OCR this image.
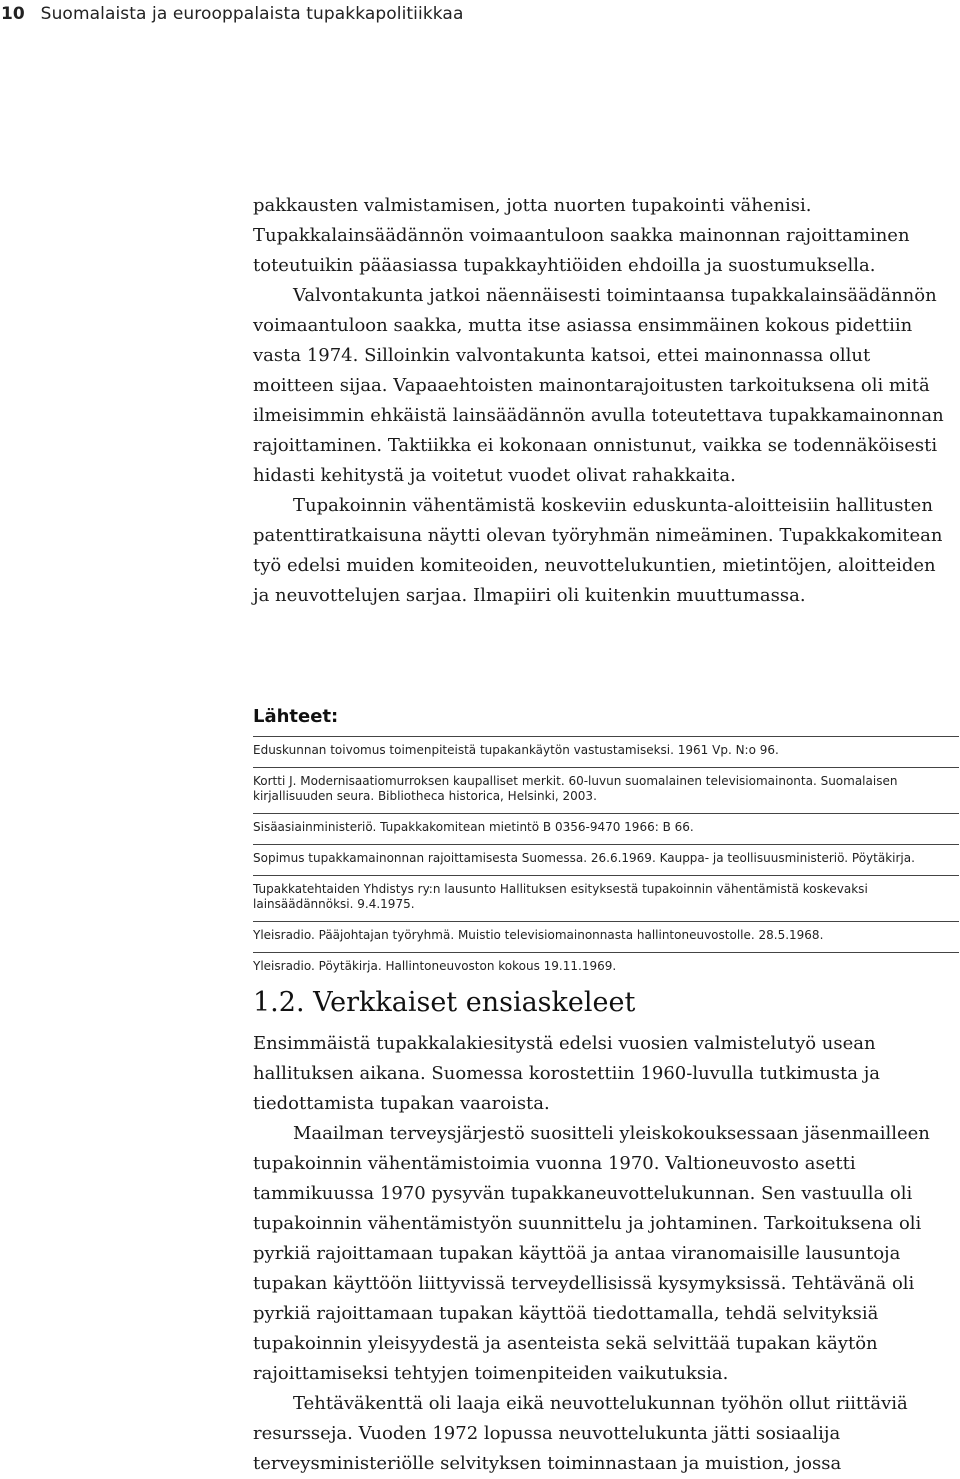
10 Suomalaista ja eurooppalaista tupakkapolitiikkaa

pakkausten valmistamisen, jotta nuorten tupakointi vähenisi. Tupakkalainsäädännön voimaantuloon saakka mainonnan rajoittaminen toteutuikin pääasiassa tupakkayhtiöiden ehdoilla ja suostumuksella.

Valvontakunta jatkoi näennäisesti toimintaansa tupakkalainsäädännön voimaantuloon saakka, mutta itse asiassa ensimmäinen kokous pidettiin vasta 1974. Silloinkin valvontakunta katsoi, ettei mainonnassa ollut moitteen sijaa. Vapaaehtoisten mainontarajoitusten tarkoituksena oli mitä ilmeisimmin ehkäistä lainsäädännön avulla toteutettava tupakkamainonnan rajoittaminen. Taktiikka ei kokonaan onnistunut, vaikka se todennäköisesti hidasti kehitystä ja voitetut vuodet olivat rahakkaita.

Tupakoinnin vähentämistä koskeviin eduskunta-aloitteisiin hallitusten patenttiratkaisuna näytti olevan työryhmän nimeäminen. Tupakkakomitean työ edelsi muiden komiteoiden, neuvottelukuntien, mietintöjen, aloitteiden ja neuvottelujen sarjaa. Ilmapiiri oli kuitenkin muuttumassa.

Lähteet:
Eduskunnan toivomus toimenpiteistä tupakankäytön vastustamiseksi. 1961 Vp. N:o 96.
Kortti J. Modernisaatiomurroksen kaupalliset merkit. 60-luvun suomalainen televisiomainonta. Suomalaisen kirjallisuuden seura. Bibliotheca historica, Helsinki, 2003.
Sisäasiainministeriö. Tupakkakomitean mietintö B 0356-9470 1966: B 66.
Sopimus tupakkamainonnan rajoittamisesta Suomessa. 26.6.1969. Kauppa- ja teollisuusministeriö. Pöytäkirja.
Tupakkatehtaiden Yhdistys ry:n lausunto Hallituksen esityksestä tupakoinnin vähentämistä koskevaksi lainsäädännöksi. 9.4.1975.
Yleisradio. Pääjohtajan työryhmä. Muistio televisiomainonnasta hallintoneuvostolle. 28.5.1968.
Yleisradio. Pöytäkirja. Hallintoneuvoston kokous 19.11.1969.
1.2. Verkkaiset ensiaskeleet

Ensimmäistä tupakkalakiesitystä edelsi vuosien valmistelutyö usean hallituksen aikana. Suomessa korostettiin 1960-luvulla tutkimusta ja tiedottamista tupakan vaaroista.

Maailman terveysjärjestö suositteli yleiskokouksessaan jäsenmailleen tupakoinnin vähentämistoimia vuonna 1970. Valtioneuvosto asetti tammikuussa 1970 pysyvän tupakkaneuvottelukunnan. Sen vastuulla oli tupakoinnin vähentämistyön suunnittelu ja johtaminen. Tarkoituksena oli pyrkiä rajoittamaan tupakan käyttöä ja antaa viranomaisille lausuntoja tupakan käyttöön liittyvissä terveydellisissä kysymyksissä. Tehtävänä oli pyrkiä rajoittamaan tupakan käyttöä tiedottamalla, tehdä selvityksiä tupakoinnin yleisyydestä ja asenteista sekä selvittää tupakan käytön rajoittamiseksi tehtyjen toimenpiteiden vaikutuksia.

Tehtäväkenttä oli laaja eikä neuvottelukunnan työhön ollut riittäviä resursseja. Vuoden 1972 lopussa neuvottelukunta jätti sosiaalija terveysministeriölle selvityksen toiminnastaan ja muistion, jossa
